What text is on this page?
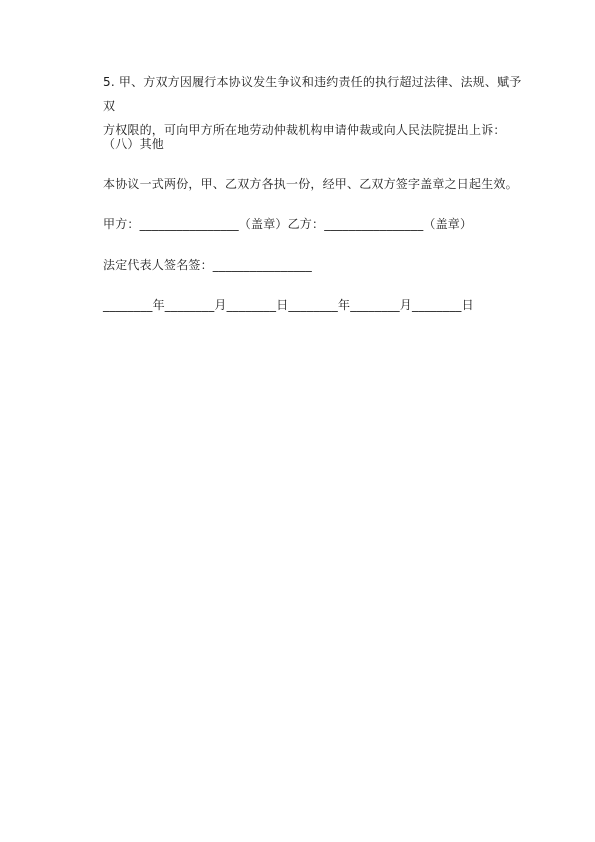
5. 甲、方双方因履行本协议发生争议和违约责任的执行超过法律、法规、赋予双
方权限的，可向甲方所在地劳动仲裁机构申请仲裁或向人民法院提出上诉：
（八）其他
本协议一式两份，甲、乙双方各执一份，经甲、乙双方签字盖章之日起生效。
甲方：________________（盖章）乙方：________________（盖章）
法定代表人签名签：________________
________年________月________日________年________月________日
